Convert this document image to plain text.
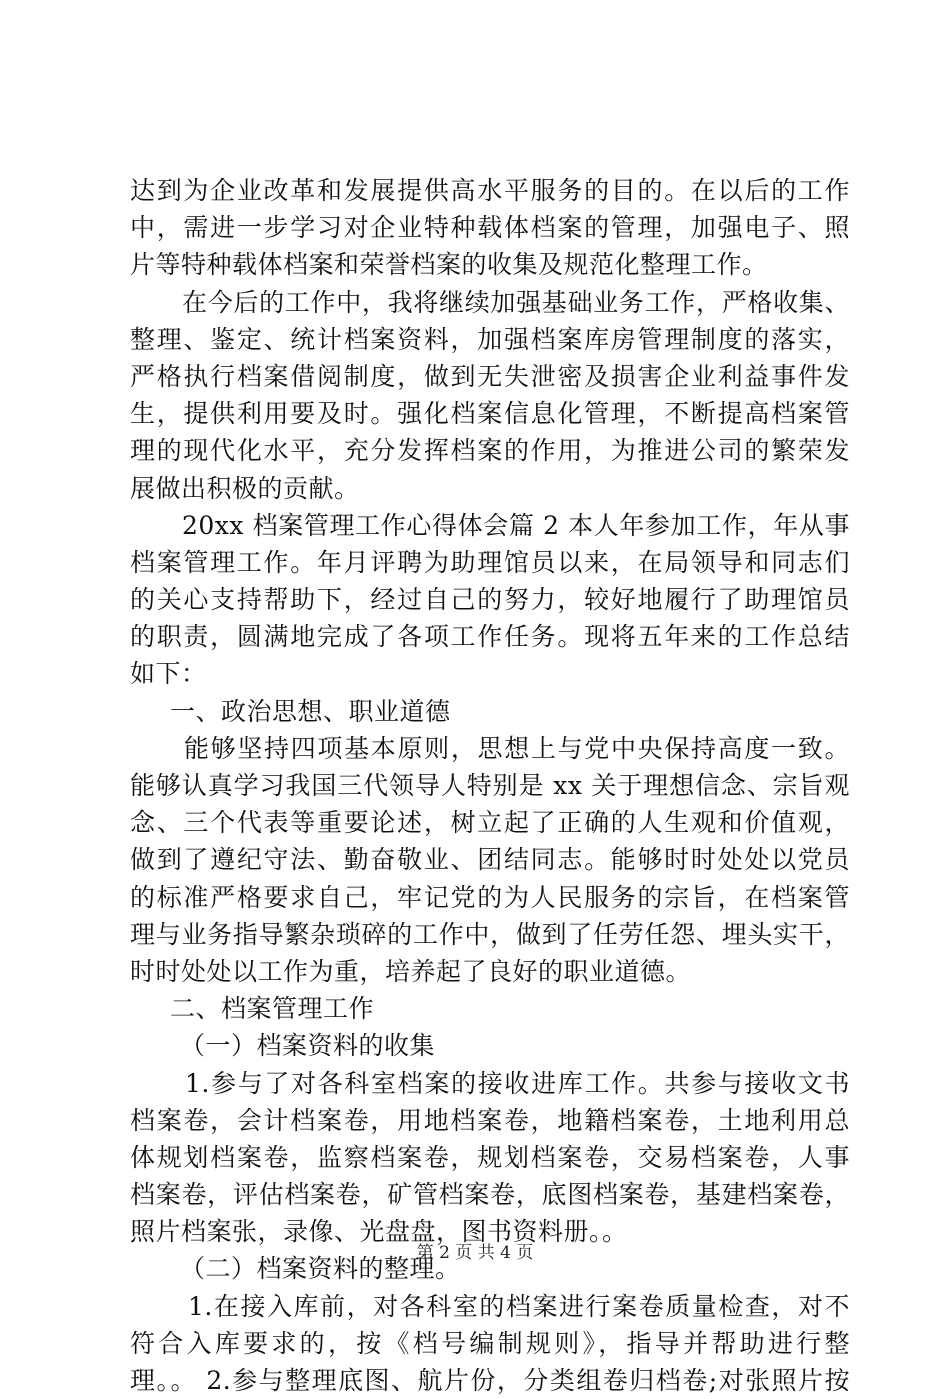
达到为企业改革和发展提供高水平服务的目的。在以后的工作
中，需进一步学习对企业特种载体档案的管理，加强电子、照
片等特种载体档案和荣誉档案的收集及规范化整理工作。
在今后的工作中，我将继续加强基础业务工作，严格收集、
整理、鉴定、统计档案资料，加强档案库房管理制度的落实，
严格执行档案借阅制度，做到无失泄密及损害企业利益事件发
生，提供利用要及时。强化档案信息化管理，不断提高档案管
理的现代化水平，充分发挥档案的作用，为推进公司的繁荣发
展做出积极的贡献。
20xx 档案管理工作心得体会篇 2 本人年参加工作，年从事
档案管理工作。年月评聘为助理馆员以来，在局领导和同志们
的关心支持帮助下，经过自己的努力，较好地履行了助理馆员
的职责，圆满地完成了各项工作任务。现将五年来的工作总结
如下：
一、政治思想、职业道德
能够坚持四项基本原则，思想上与党中央保持高度一致。
能够认真学习我国三代领导人特别是 xx 关于理想信念、宗旨观
念、三个代表等重要论述，树立起了正确的人生观和价值观，
做到了遵纪守法、勤奋敬业、团结同志。能够时时处处以党员
的标准严格要求自己，牢记党的为人民服务的宗旨，在档案管
理与业务指导繁杂琐碎的工作中，做到了任劳任怨、埋头实干，
时时处处以工作为重，培养起了良好的职业道德。
二、档案管理工作
（一）档案资料的收集
1.参与了对各科室档案的接收进库工作。共参与接收文书
档案卷，会计档案卷，用地档案卷，地籍档案卷，土地利用总
体规划档案卷，监察档案卷，规划档案卷，交易档案卷，人事
档案卷，评估档案卷，矿管档案卷，底图档案卷，基建档案卷，
照片档案张，录像、光盘盘，图书资料册。。
（二）档案资料的整理。
1.在接入库前，对各科室的档案进行案卷质量检查，对不
符合入库要求的，按《档号编制规则》，指导并帮助进行整
理。。 2.参与整理底图、航片份，分类组卷归档卷;对张照片按
第 2 页 共 4 页
